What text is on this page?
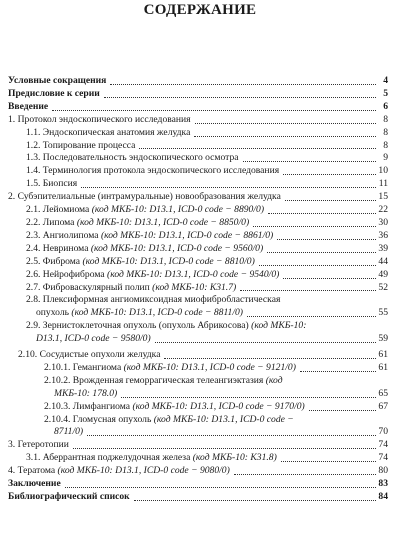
СОДЕРЖАНИЕ
Условные сокращения	4
Предисловие к серии	5
Введение	6
1. Протокол эндоскопического исследования	8
1.1. Эндоскопическая анатомия желудка	8
1.2. Топирование процесса	8
1.3. Последовательность эндоскопического осмотра	9
1.4. Терминология протокола эндоскопического исследования	10
1.5. Биопсия	11
2. Субэпителиальные (интрамуральные) новообразования желудка	15
2.1. Лейомиома (код МКБ-10: D13.1, ICD-0 code − 8890/0)	22
2.2. Липома (код МКБ-10: D13.1, ICD-0 code − 8850/0)	30
2.3. Ангиолипома (код МКБ-10: D13.1, ICD-0 code − 8861/0)	36
2.4. Невринома (код МКБ-10: D13.1, ICD-0 code − 9560/0)	39
2.5. Фиброма (код МКБ-10: D13.1, ICD-0 code − 8810/0)	44
2.6. Нейрофиброма (код МКБ-10: D13.1, ICD-0 code − 9540/0)	49
2.7. Фиброваскулярный полип (код МКБ-10: K31.7)	52
2.8. Плексиформная ангиомиксоидная миофибробластическая
опухоль (код МКБ-10: D13.1, ICD-0 code − 8811/0)	55
2.9. Зернистоклеточная опухоль (опухоль Абрикосова) (код МКБ-10:
D13.1, ICD-0 code − 9580/0)	59
2.10. Сосудистые опухоли желудка	61
2.10.1. Гемангиома (код МКБ-10: D13.1, ICD-0 code − 9121/0)	61
2.10.2. Врожденная геморрагическая телеангиэктазия (код
МКБ-10: 178.0)	65
2.10.3. Лимфангиома (код МКБ-10: D13.1, ICD-0 code − 9170/0)	67
2.10.4. Гломусная опухоль (код МКБ-10: D13.1, ICD-0 code −
8711/0)	70
3. Гетеротопии	74
3.1. Аберрантная поджелудочная железа (код МКБ-10: K31.8)	74
4. Тератома (код МКБ-10: D13.1, ICD-0 code − 9080/0)	80
Заключение	83
Библиографический список	84
